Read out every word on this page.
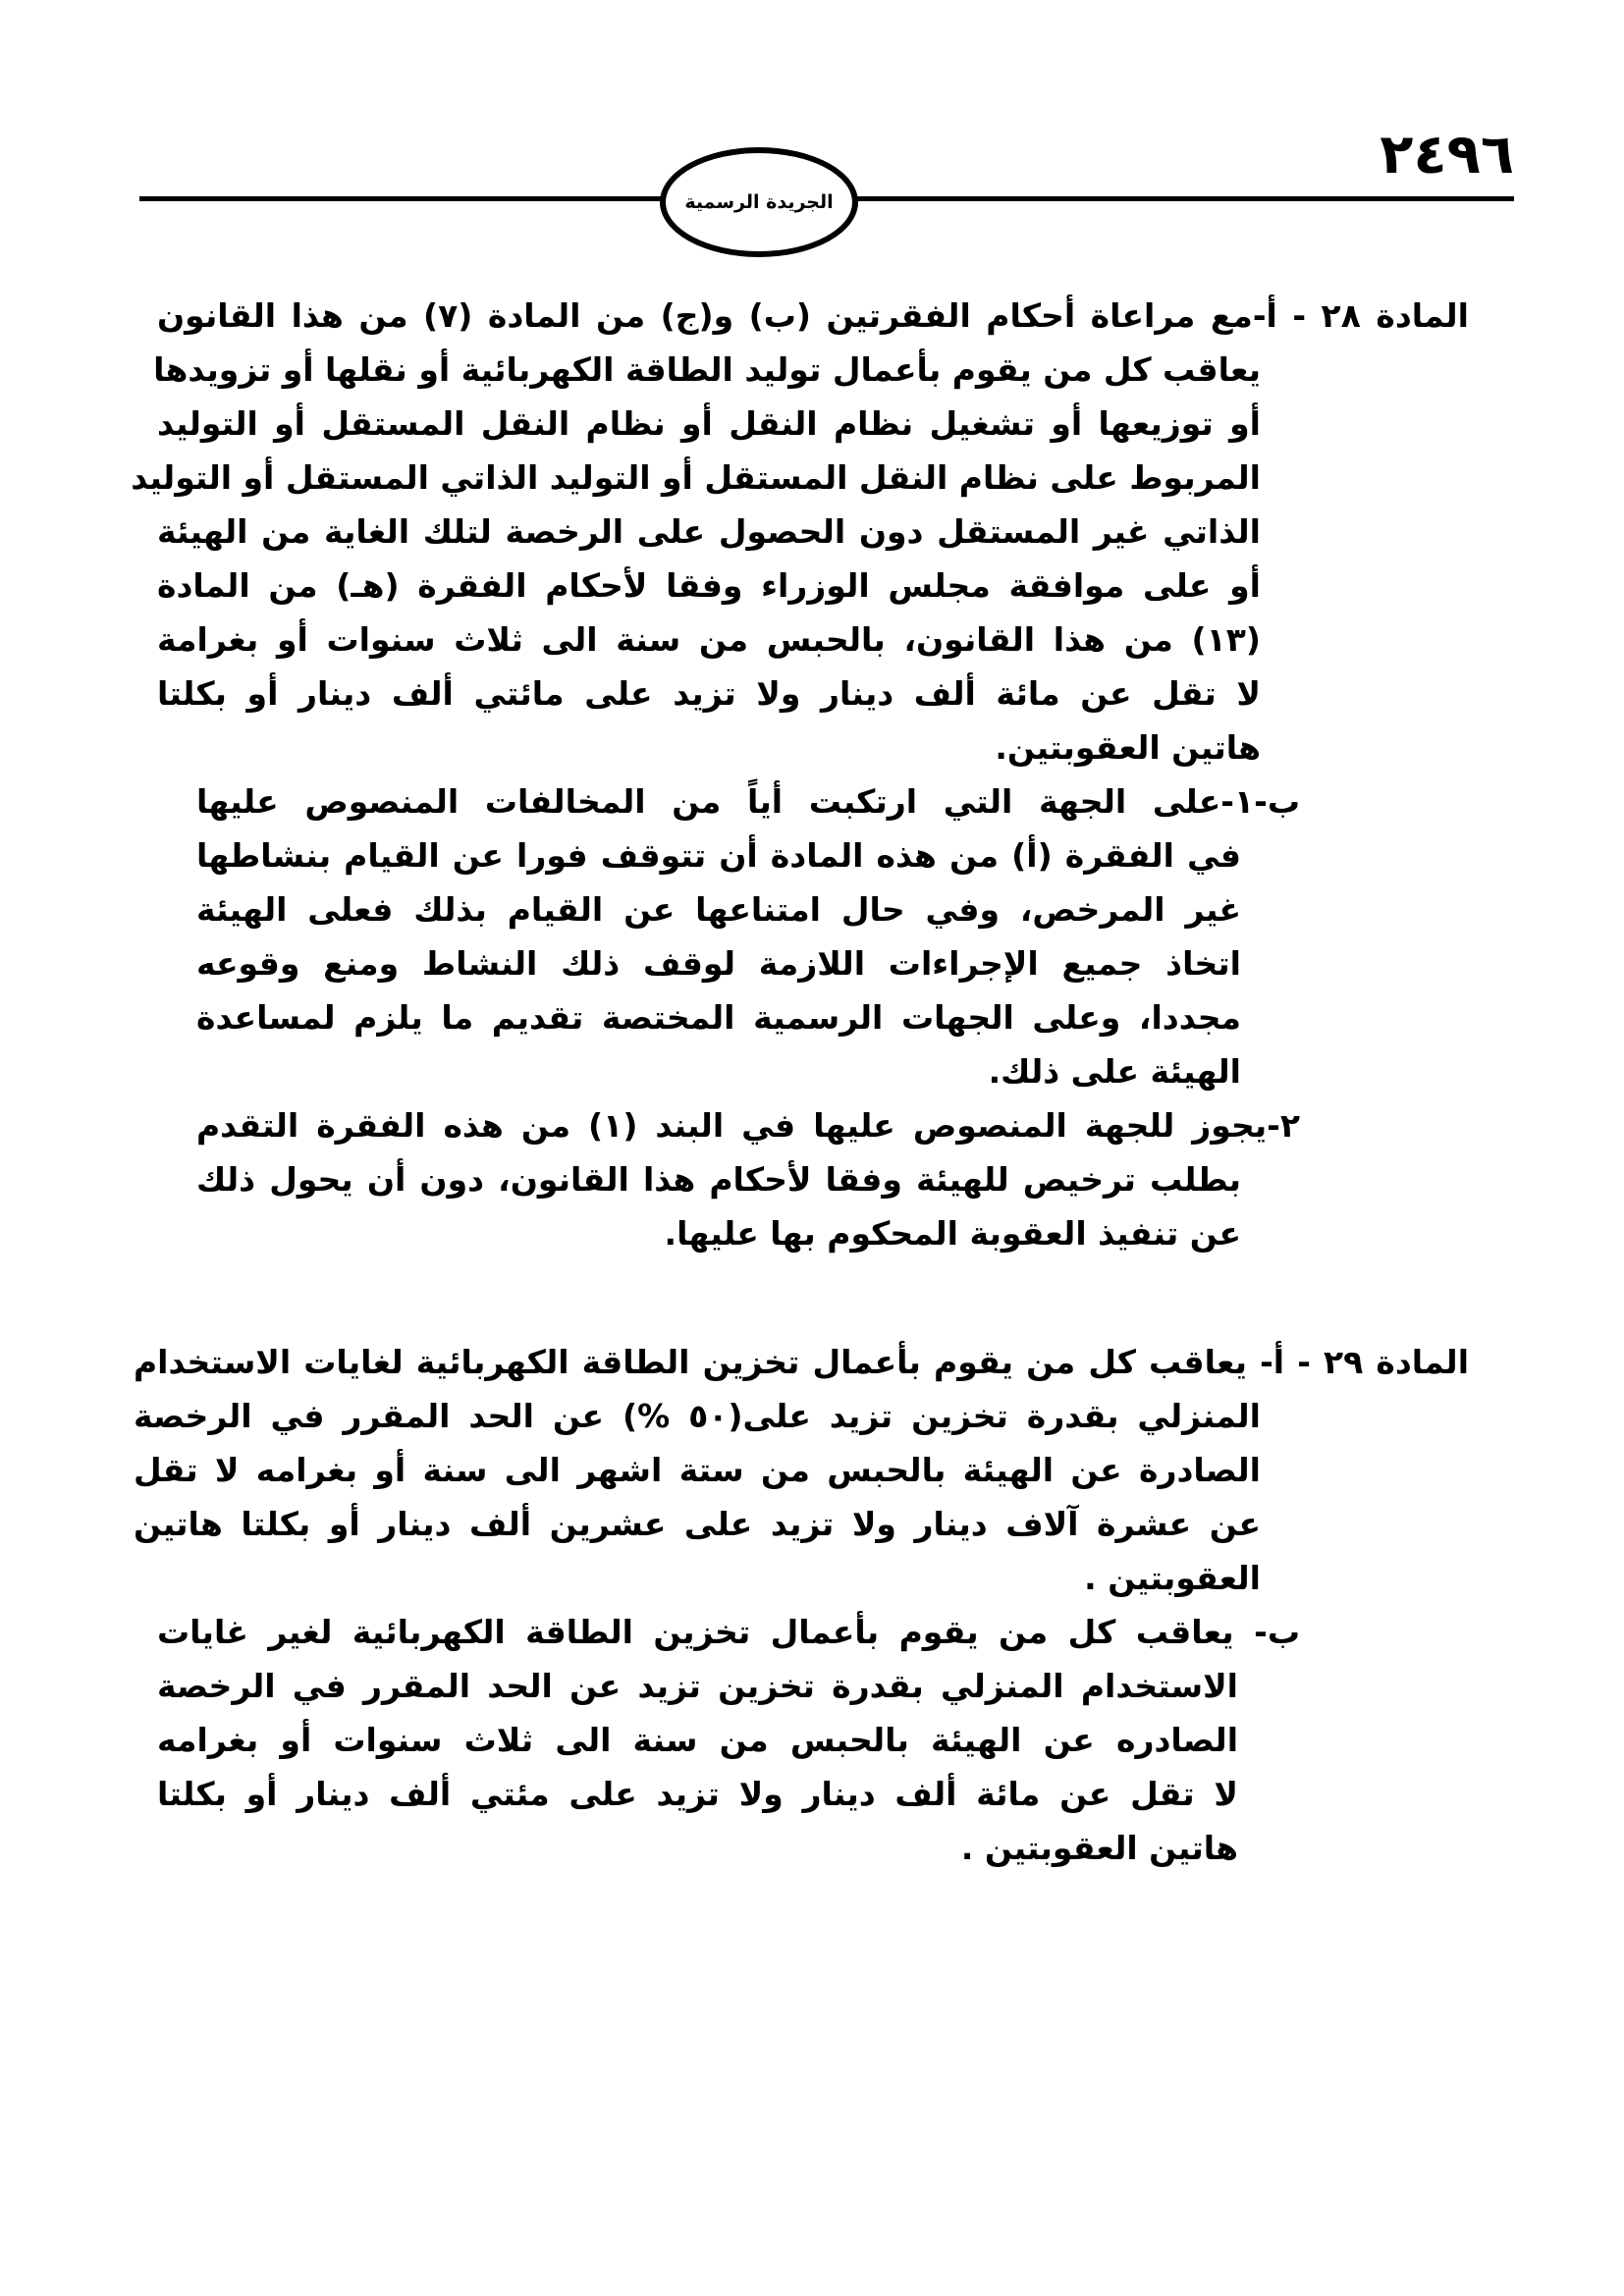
٢٤٩٦

الجريدة الرسمية

المادة ٢٨ - أ-مع مراعاة أحكام الفقرتين (ب) و(ج) من المادة (٧) من هذا القانون

يعاقب كل من يقوم بأعمال توليد الطاقة الكهربائية أو نقلها أو تزويدها

أو توزيعها أو تشغيل نظام النقل أو نظام النقل المستقل أو التوليد

المربوط على نظام النقل المستقل أو التوليد الذاتي المستقل أو التوليد

الذاتي غير المستقل دون الحصول على الرخصة لتلك الغاية من الهيئة

أو على موافقة مجلس الوزراء وفقا لأحكام الفقرة (هـ) من المادة

(١٣) من هذا القانون، بالحبس من سنة الى ثلاث سنوات أو بغرامة

لا تقل عن مائة ألف دينار ولا تزيد على مائتي ألف دينار أو بكلتا

هاتين العقوبتين.

ب-١-على الجهة التي ارتكبت أياً من المخالفات المنصوص عليها

في الفقرة (أ) من هذه المادة أن تتوقف فورا عن القيام بنشاطها

غير المرخص، وفي حال امتناعها عن القيام بذلك فعلى الهيئة

اتخاذ جميع الإجراءات اللازمة لوقف ذلك النشاط ومنع وقوعه

مجددا، وعلى الجهات الرسمية المختصة تقديم ما يلزم لمساعدة

الهيئة على ذلك.

٢-يجوز للجهة المنصوص عليها في البند (١) من هذه الفقرة التقدم

بطلب ترخيص للهيئة وفقا لأحكام هذا القانون، دون أن يحول ذلك

عن تنفيذ العقوبة المحكوم بها عليها.

المادة ٢٩ - أ- يعاقب كل من يقوم بأعمال تخزين الطاقة الكهربائية لغايات الاستخدام

المنزلي بقدرة تخزين تزيد على(٥٠ %) عن الحد المقرر في الرخصة

الصادرة عن الهيئة بالحبس من ستة اشهر الى سنة أو بغرامه لا تقل

عن عشرة آلاف دينار ولا تزيد على عشرين ألف دينار أو بكلتا هاتين

العقوبتين .

ب- يعاقب كل من يقوم بأعمال تخزين الطاقة الكهربائية لغير غايات

الاستخدام المنزلي بقدرة تخزين تزيد عن الحد المقرر في الرخصة

الصادره عن الهيئة بالحبس من سنة الى ثلاث سنوات أو بغرامه

لا تقل عن مائة ألف دينار ولا تزيد على مئتي ألف دينار أو بكلتا

هاتين العقوبتين .
